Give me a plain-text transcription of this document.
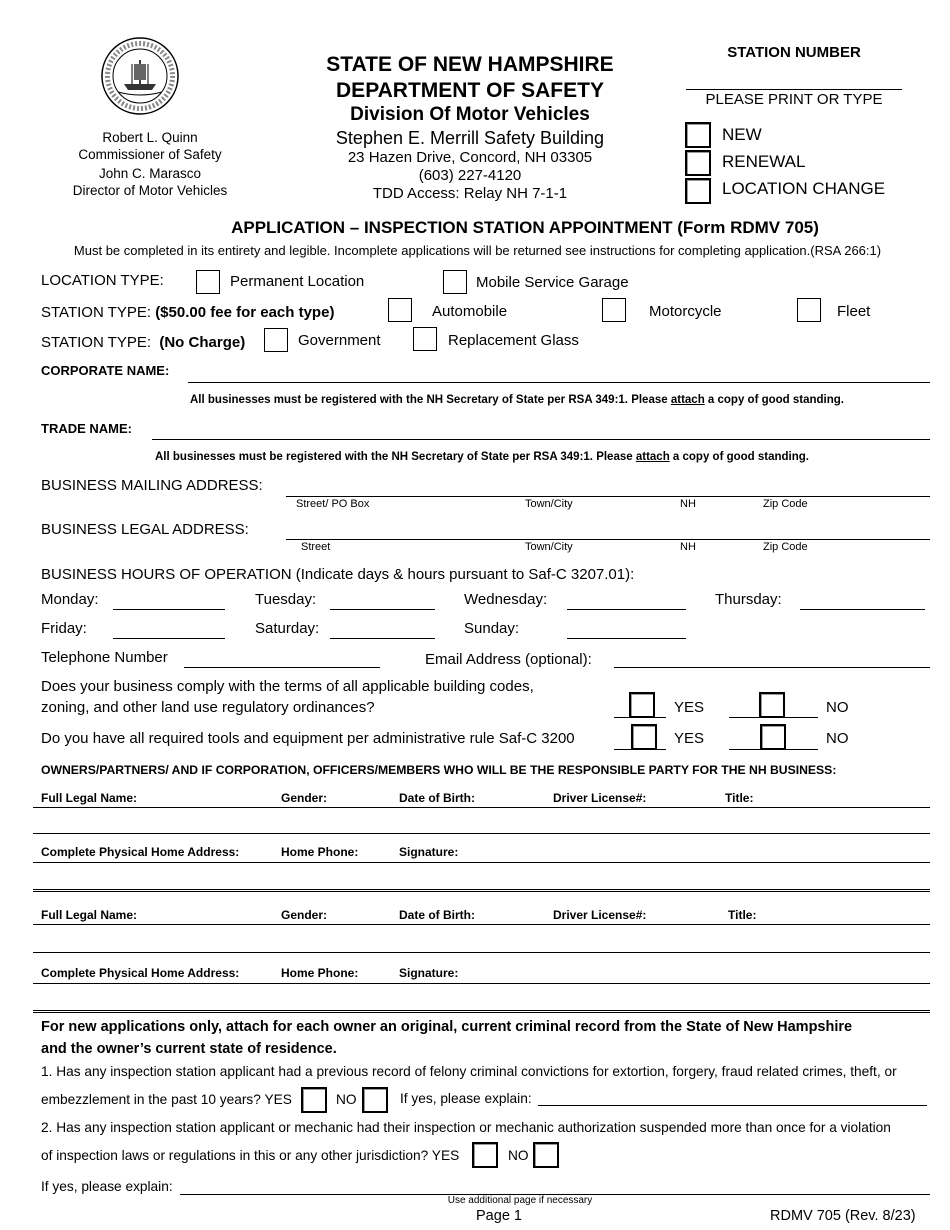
Robert L. Quinn
Commissioner of Safety
John C. Marasco
Director of Motor Vehicles
STATE OF NEW HAMPSHIRE
DEPARTMENT OF SAFETY
Division Of Motor Vehicles
Stephen E. Merrill Safety Building
23 Hazen Drive, Concord, NH 03305
(603) 227-4120
TDD Access: Relay NH 7-1-1
STATION NUMBER
PLEASE PRINT OR TYPE
NEW
RENEWAL
LOCATION CHANGE
APPLICATION – INSPECTION STATION APPOINTMENT (Form RDMV 705)
Must be completed in its entirety and legible. Incomplete applications will be returned see instructions for completing application.(RSA 266:1)
LOCATION TYPE:	Permanent Location	Mobile Service Garage
STATION TYPE: ($50.00 fee for each type)	Automobile	Motorcycle	Fleet
STATION TYPE:  (No Charge)	Government	Replacement Glass
CORPORATE NAME:
All businesses must be registered with the NH Secretary of State per RSA 349:1. Please attach a copy of good standing.
TRADE NAME:
All businesses must be registered with the NH Secretary of State per RSA 349:1. Please attach a copy of good standing.
BUSINESS MAILING ADDRESS:
Street/ PO Box	Town/City	NH	Zip Code
BUSINESS LEGAL ADDRESS:
Street	Town/City	NH	Zip Code
BUSINESS HOURS OF OPERATION (Indicate days & hours pursuant to Saf-C 3207.01):
Monday:	Tuesday:	Wednesday:	Thursday:
Friday:	Saturday:	Sunday:
Telephone Number	Email Address (optional):
Does your business comply with the terms of all applicable building codes,
zoning, and other land use regulatory ordinances?	YES	NO
Do you have all required tools and equipment per administrative rule Saf-C 3200	YES	NO
OWNERS/PARTNERS/ AND IF CORPORATION, OFFICERS/MEMBERS WHO WILL BE THE RESPONSIBLE PARTY FOR THE NH BUSINESS:
Full Legal Name:	Gender:	Date of Birth:	Driver License#:	Title:
Complete Physical Home Address:	Home Phone:	Signature:
Full Legal Name:	Gender:	Date of Birth:	Driver License#:	Title:
Complete Physical Home Address:	Home Phone:	Signature:
For new applications only, attach for each owner an original, current criminal record from the State of New Hampshire
and the owner’s current state of residence.
1. Has any inspection station applicant had a previous record of felony criminal convictions for extortion, forgery, fraud related crimes, theft, or
embezzlement in the past 10 years? YES	NO	If yes, please explain:
2. Has any inspection station applicant or mechanic had their inspection or mechanic authorization suspended more than once for a violation
of inspection laws or regulations in this or any other jurisdiction? YES	NO
If yes, please explain:
Use additional page if necessary
Page 1	RDMV 705 (Rev. 8/23)
